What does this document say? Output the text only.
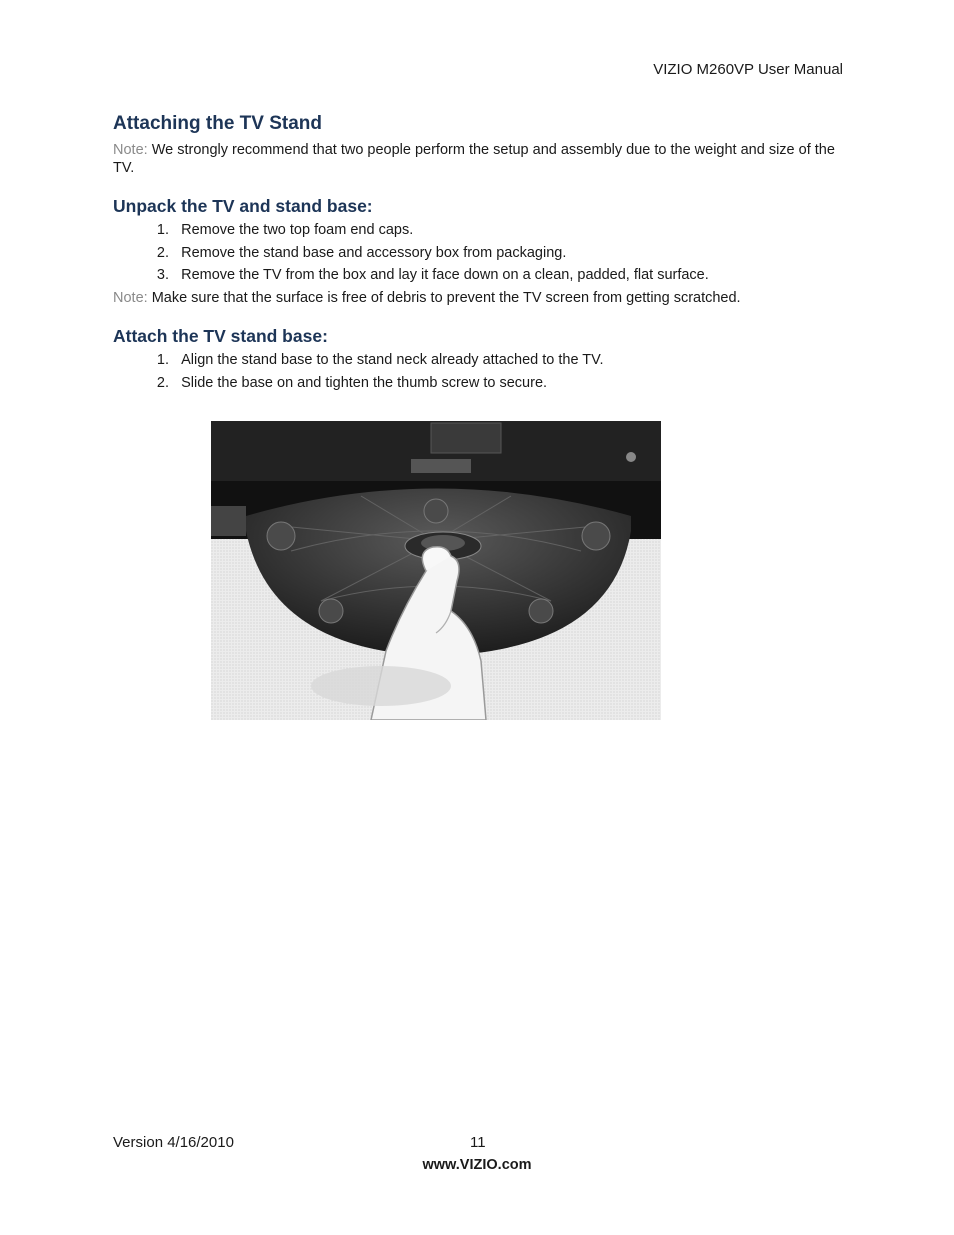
VIZIO M260VP User Manual
Attaching the TV Stand

Note: We strongly recommend that two people perform the setup and assembly due to the weight and size of the TV.

Unpack the TV and stand base:
1. Remove the two top foam end caps.
2. Remove the stand base and accessory box from packaging.
3. Remove the TV from the box and lay it face down on a clean, padded, flat surface.

Note: Make sure that the surface is free of debris to prevent the TV screen from getting scratched.

Attach the TV stand base:
1. Align the stand base to the stand neck already attached to the TV.
2. Slide the base on and tighten the thumb screw to secure.
Version 4/16/2010	11
www.VIZIO.com
